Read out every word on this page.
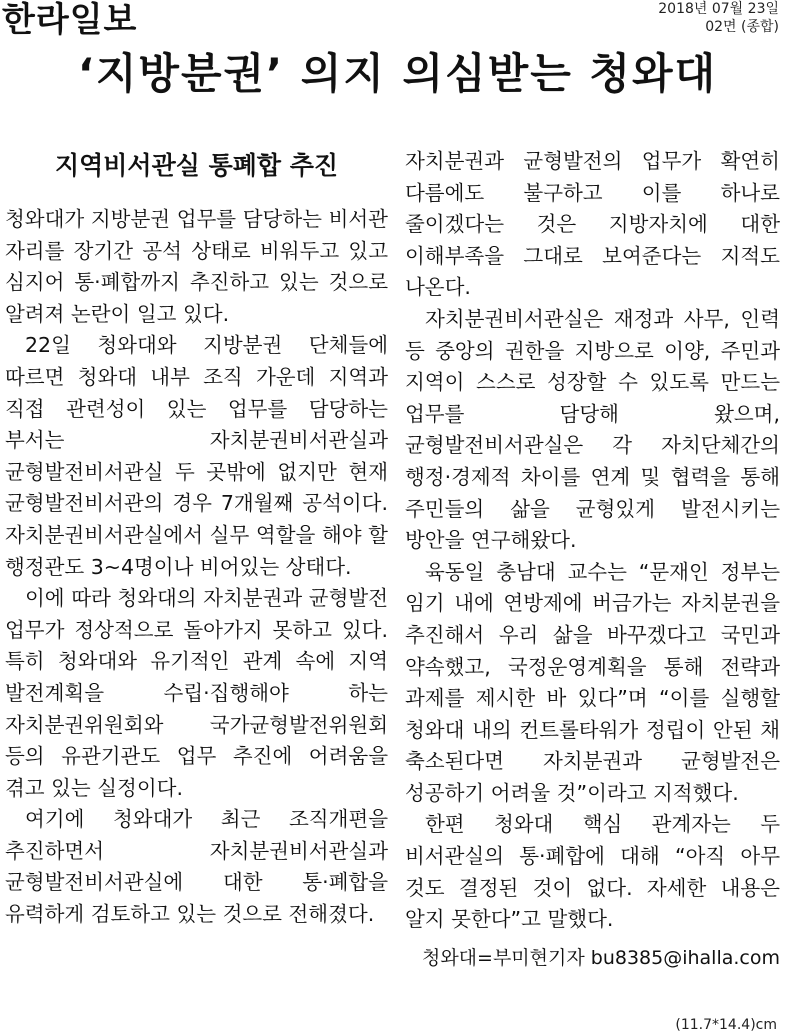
한라일보	2018년 07월 23일
02면 (종합)
‘지방분권’ 의지 의심받는 청와대
지역비서관실 통폐합 추진

청와대가 지방분권 업무를 담당하는 비서관 자리를 장기간 공석 상태로 비워두고 있고 심지어 통·폐합까지 추진하고 있는 것으로 알려져 논란이 일고 있다.

22일 청와대와 지방분권 단체들에 따르면 청와대 내부 조직 가운데 지역과 직접 관련성이 있는 업무를 담당하는 부서는 자치분권비서관실과 균형발전비서관실 두 곳밖에 없지만 현재 균형발전비서관의 경우 7개월째 공석이다. 자치분권비서관실에서 실무 역할을 해야 할 행정관도 3~4명이나 비어있는 상태다.

이에 따라 청와대의 자치분권과 균형발전 업무가 정상적으로 돌아가지 못하고 있다. 특히 청와대와 유기적인 관계 속에 지역 발전계획을 수립·집행해야 하는 자치분권위원회와 국가균형발전위원회 등의 유관기관도 업무 추진에 어려움을 겪고 있는 실정이다.

여기에 청와대가 최근 조직개편을 추진하면서 자치분권비서관실과 균형발전비서관실에 대한 통·폐합을 유력하게 검토하고 있는 것으로 전해졌다.

자치분권과 균형발전의 업무가 확연히 다름에도 불구하고 이를 하나로 줄이겠다는 것은 지방자치에 대한 이해부족을 그대로 보여준다는 지적도 나온다.

자치분권비서관실은 재정과 사무, 인력 등 중앙의 권한을 지방으로 이양, 주민과 지역이 스스로 성장할 수 있도록 만드는 업무를 담당해 왔으며, 균형발전비서관실은 각 자치단체간의 행정·경제적 차이를 연계 및 협력을 통해 주민들의 삶을 균형있게 발전시키는 방안을 연구해왔다.

육동일 충남대 교수는 “문재인 정부는 임기 내에 연방제에 버금가는 자치분권을 추진해서 우리 삶을 바꾸겠다고 국민과 약속했고, 국정운영계획을 통해 전략과 과제를 제시한 바 있다”며 “이를 실행할 청와대 내의 컨트롤타워가 정립이 안된 채 축소된다면 자치분권과 균형발전은 성공하기 어려울 것”이라고 지적했다.

한편 청와대 핵심 관계자는 두 비서관실의 통·폐합에 대해 “아직 아무 것도 결정된 것이 없다. 자세한 내용은 알지 못한다”고 말했다.

청와대=부미현기자 bu8385@ihalla.com
(11.7*14.4)cm
